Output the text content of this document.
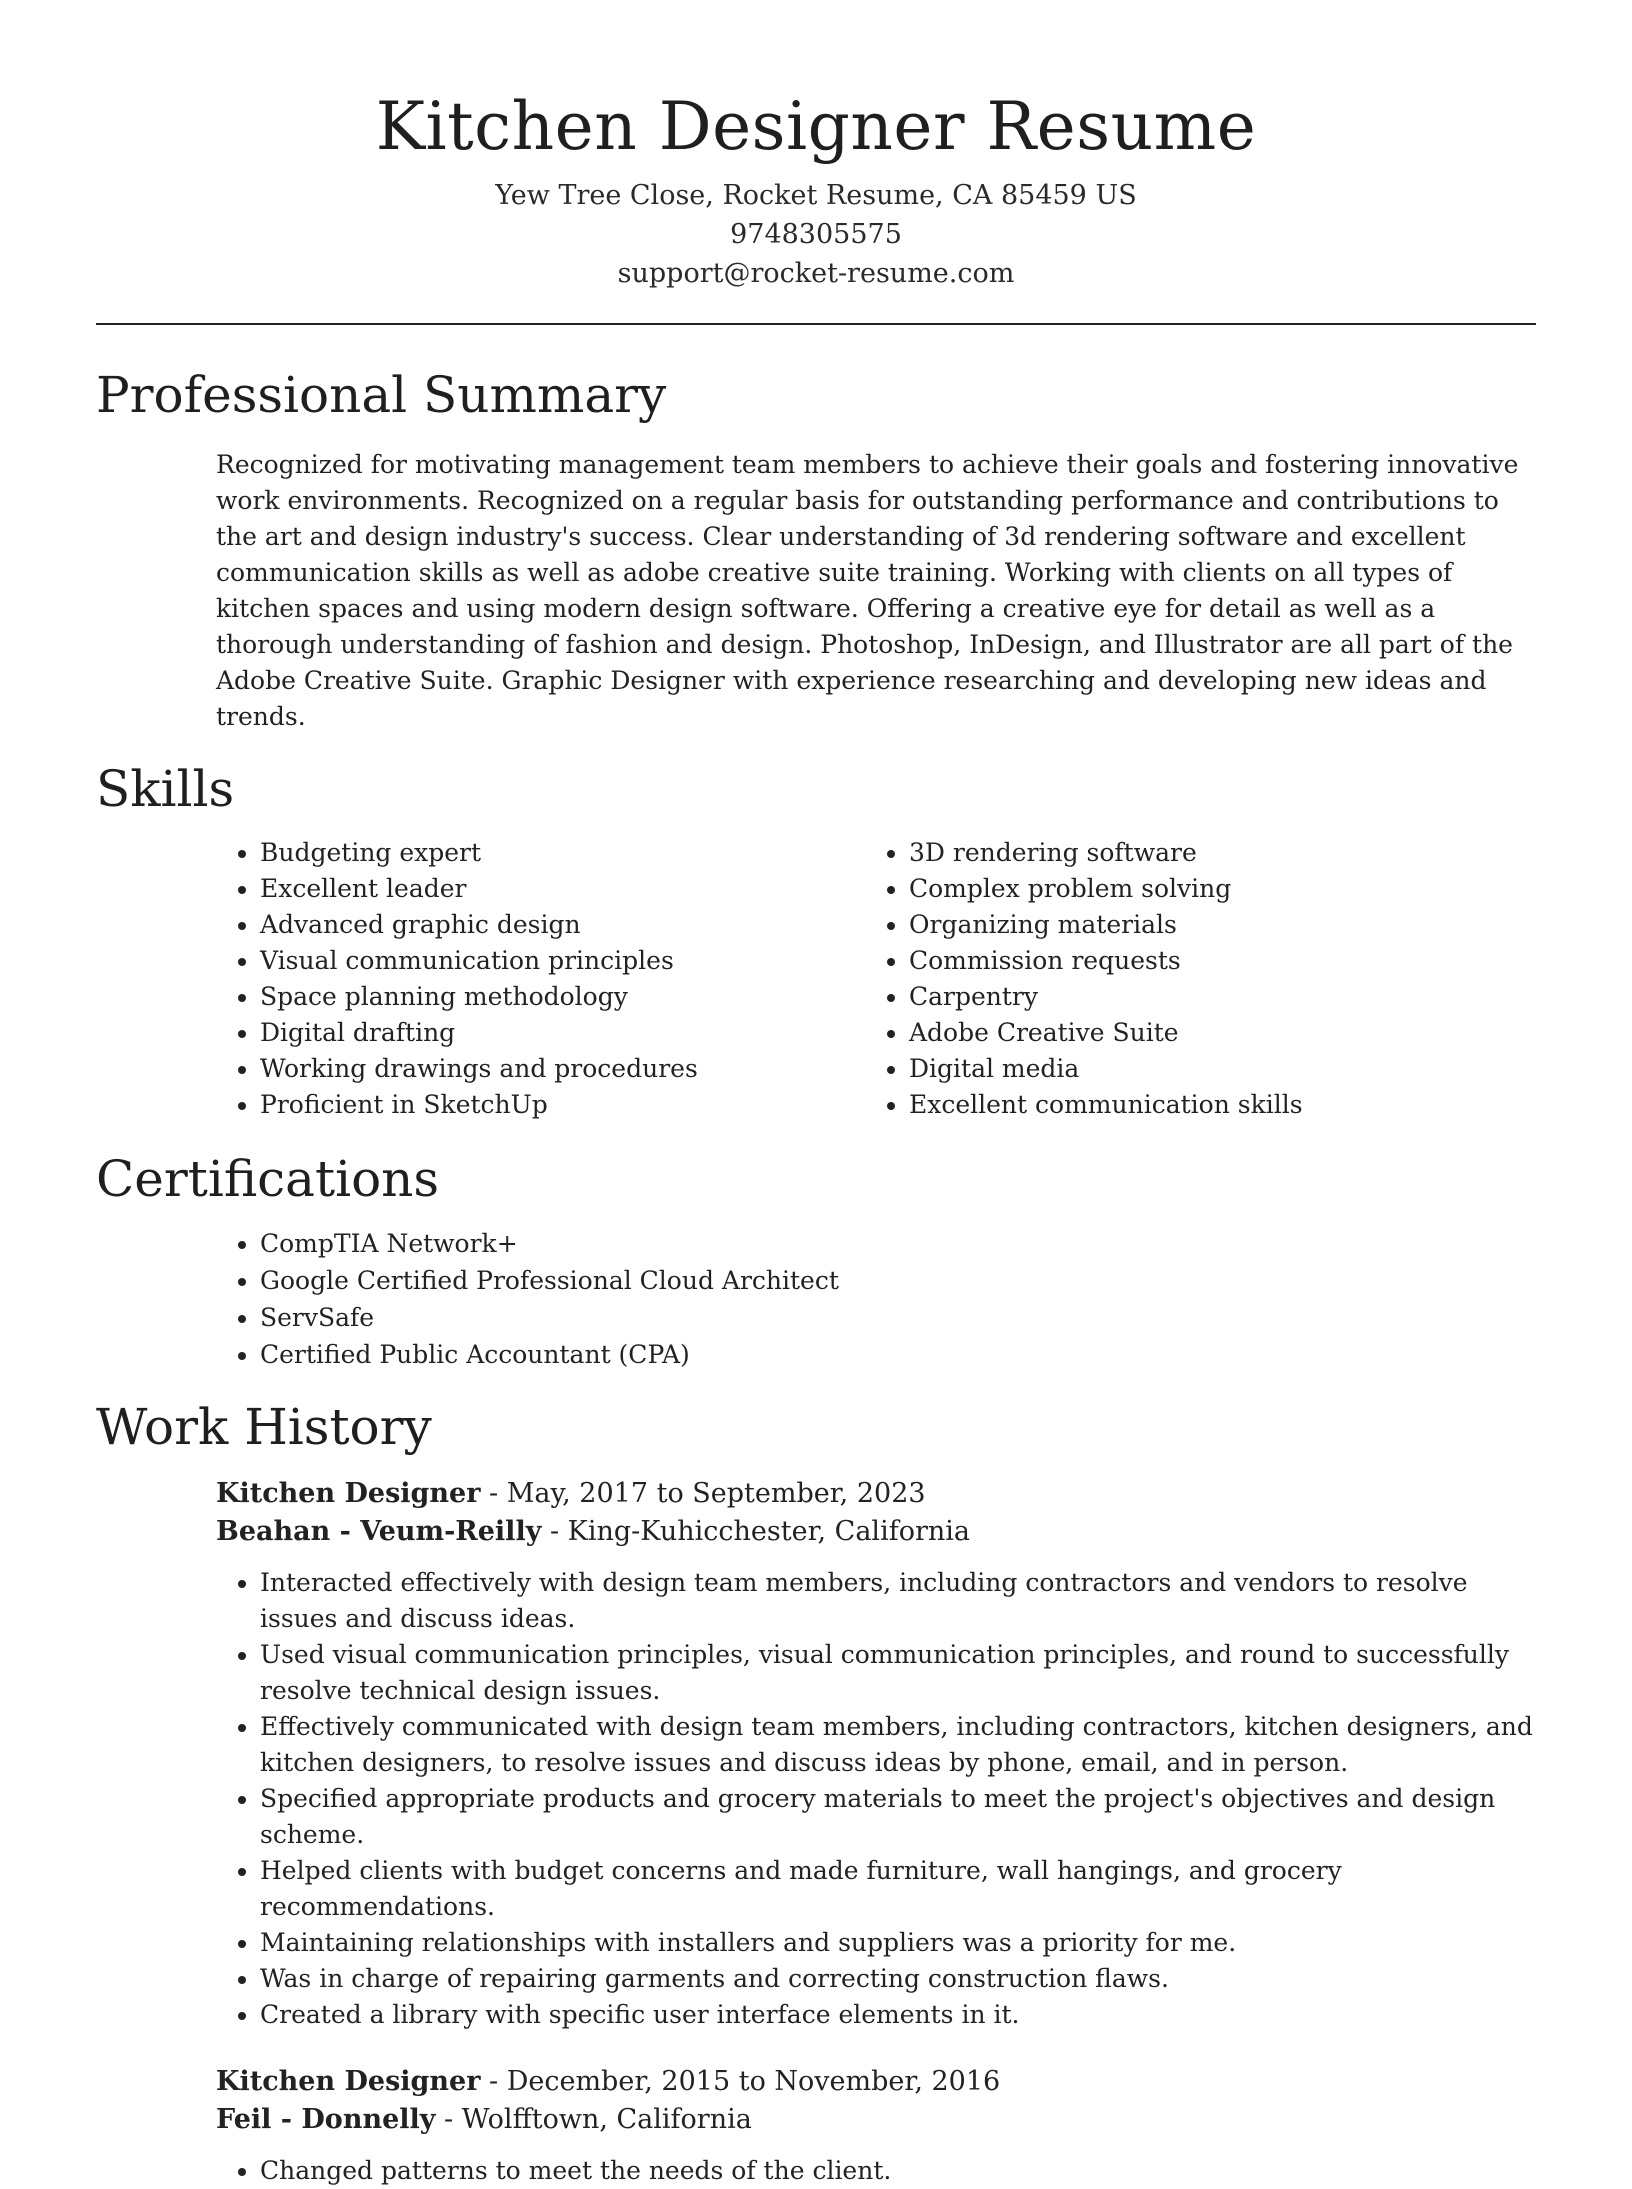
Kitchen Designer Resume
Yew Tree Close, Rocket Resume, CA 85459 US
9748305575
support@rocket-resume.com
Professional Summary

Recognized for motivating management team members to achieve their goals and fostering innovative work environments. Recognized on a regular basis for outstanding performance and contributions to the art and design industry's success. Clear understanding of 3d rendering software and excellent communication skills as well as adobe creative suite training. Working with clients on all types of kitchen spaces and using modern design software. Offering a creative eye for detail as well as a thorough understanding of fashion and design. Photoshop, InDesign, and Illustrator are all part of the Adobe Creative Suite. Graphic Designer with experience researching and developing new ideas and trends.

Skills
• Budgeting expert
• Excellent leader
• Advanced graphic design
• Visual communication principles
• Space planning methodology
• Digital drafting
• Working drawings and procedures
• Proficient in SketchUp
• 3D rendering software
• Complex problem solving
• Organizing materials
• Commission requests
• Carpentry
• Adobe Creative Suite
• Digital media
• Excellent communication skills
Certifications
• CompTIA Network+
• Google Certified Professional Cloud Architect
• ServSafe
• Certified Public Accountant (CPA)
Work History
Kitchen Designer - May, 2017 to September, 2023
Beahan - Veum-Reilly - King-Kuhicchester, California
• Interacted effectively with design team members, including contractors and vendors to resolve issues and discuss ideas.
• Used visual communication principles, visual communication principles, and round to successfully resolve technical design issues.
• Effectively communicated with design team members, including contractors, kitchen designers, and kitchen designers, to resolve issues and discuss ideas by phone, email, and in person.
• Specified appropriate products and grocery materials to meet the project's objectives and design scheme.
• Helped clients with budget concerns and made furniture, wall hangings, and grocery recommendations.
• Maintaining relationships with installers and suppliers was a priority for me.
• Was in charge of repairing garments and correcting construction flaws.
• Created a library with specific user interface elements in it.
Kitchen Designer - December, 2015 to November, 2016
Feil - Donnelly - Wolfftown, California
• Changed patterns to meet the needs of the client.
